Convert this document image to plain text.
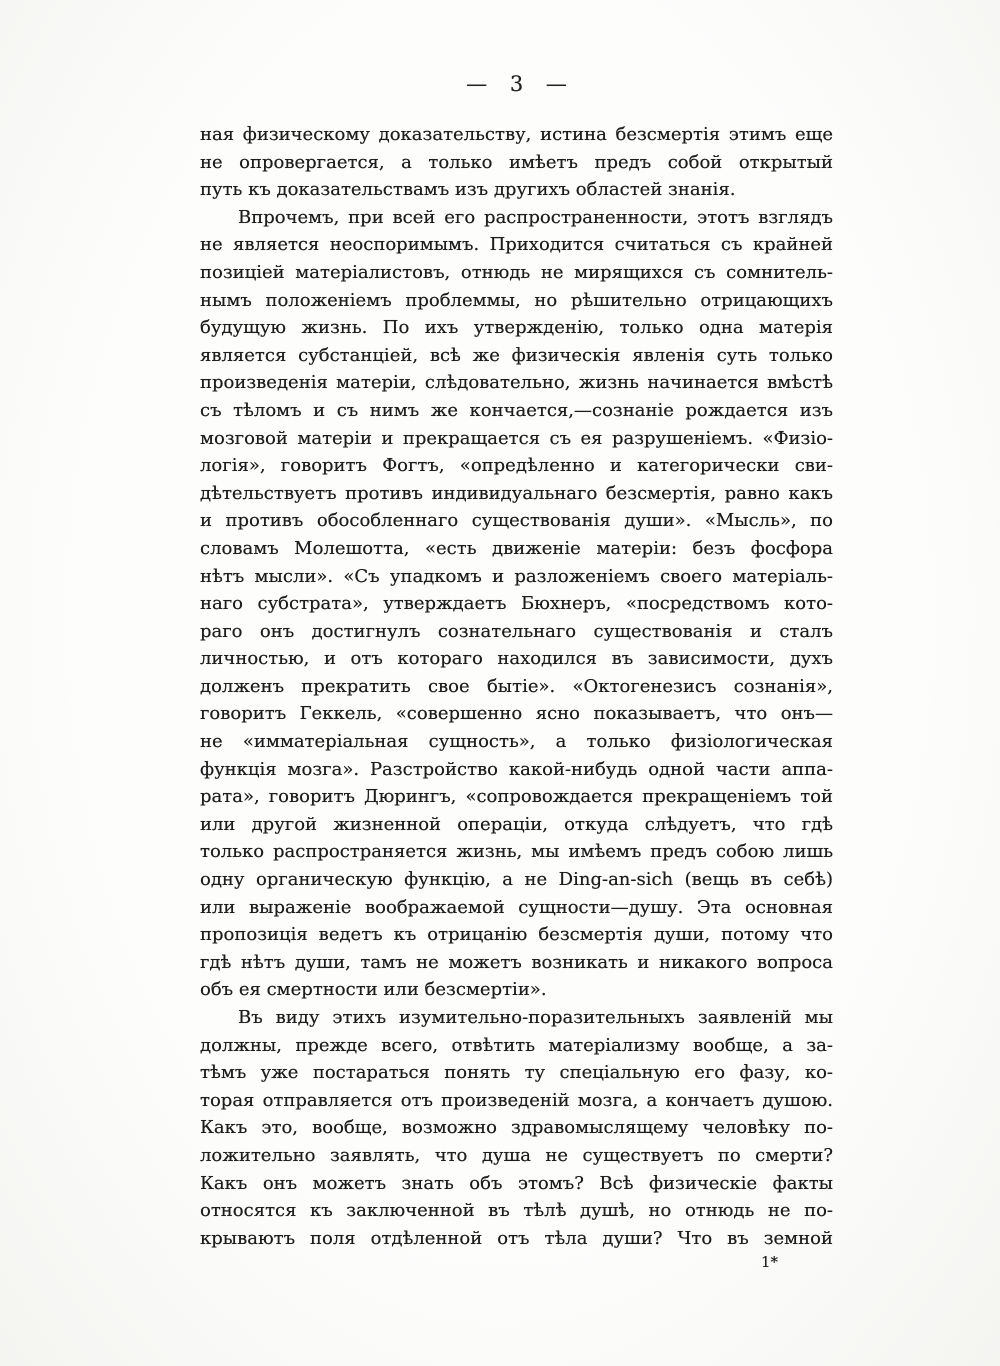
— 3 —
ная физическому доказательству, истина безсмертія этимъ еще
не опровергается, а только имѣетъ предъ собой открытый
путь къ доказательствамъ изъ другихъ областей знанія.
Впрочемъ, при всей его распространенности, этотъ взглядъ
не является неоспоримымъ. Приходится считаться съ крайней
позиціей матеріалистовъ, отнюдь не мирящихся съ сомнитель-
нымъ положеніемъ проблеммы, но рѣшительно отрицающихъ
будущую жизнь. По ихъ утвержденію, только одна матерія
является субстанціей, всѣ же физическія явленія суть только
произведенія матеріи, слѣдовательно, жизнь начинается вмѣстѣ
съ тѣломъ и съ нимъ же кончается,—сознаніе рождается изъ
мозговой матеріи и прекращается съ ея разрушеніемъ. «Физіо-
логія», говоритъ Фогтъ, «опредѣленно и категорически сви-
дѣтельствуетъ противъ индивидуальнаго безсмертія, равно какъ
и противъ обособленнаго существованія души». «Мысль», по
словамъ Молешотта, «есть движеніе матеріи: безъ фосфора
нѣтъ мысли». «Съ упадкомъ и разложеніемъ своего матеріаль-
наго субстрата», утверждаетъ Бюхнеръ, «посредствомъ кото-
раго онъ достигнулъ сознательнаго существованія и сталъ
личностью, и отъ котораго находился въ зависимости, духъ
долженъ прекратить свое бытіе». «Октогенезисъ сознанія»,
говоритъ Геккель, «совершенно ясно показываетъ, что онъ—
не «имматеріальная сущность», а только физіологическая
функція мозга». Разстройство какой-нибудь одной части аппа-
рата», говоритъ Дюрингъ, «сопровождается прекращеніемъ той
или другой жизненной операціи, откуда слѣдуетъ, что гдѣ
только распространяется жизнь, мы имѣемъ предъ собою лишь
одну органическую функцію, а не Ding-an-sich (вещь въ себѣ)
или выраженіе воображаемой сущности—душу. Эта основная
пропозиція ведетъ къ отрицанію безсмертія души, потому что
гдѣ нѣтъ души, тамъ не можетъ возникать и никакого вопроса
объ ея смертности или безсмертіи».
Въ виду этихъ изумительно-поразительныхъ заявленій мы
должны, прежде всего, отвѣтить матеріализму вообще, а за-
тѣмъ уже постараться понять ту спеціальную его фазу, ко-
торая отправляется отъ произведеній мозга, а кончаетъ душою.
Какъ это, вообще, возможно здравомыслящему человѣку по-
ложительно заявлять, что душа не существуетъ по смерти?
Какъ онъ можетъ знать объ этомъ? Всѣ физическіе факты
относятся къ заключенной въ тѣлѣ душѣ, но отнюдь не по-
крываютъ поля отдѣленной отъ тѣла души? Что въ земной
1*
